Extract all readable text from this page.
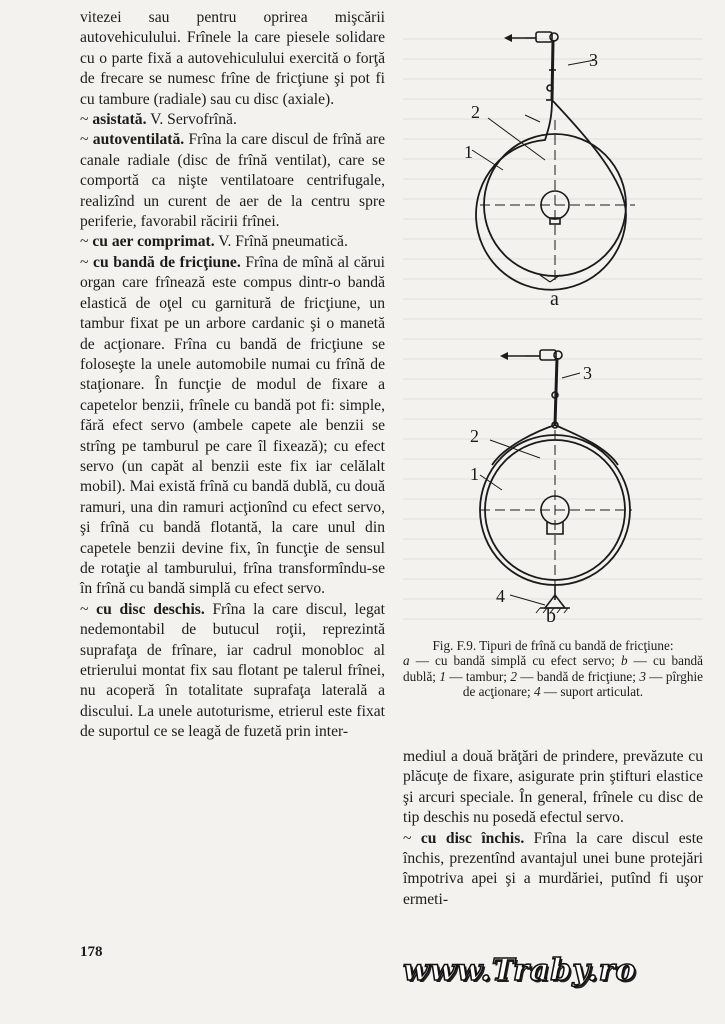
vitezei sau pentru oprirea mişcării autovehiculului. Frînele la care piesele solidare cu o parte fixă a autovehiculului exercită o forţă de frecare se numesc frîne de fricţiune şi pot fi cu tambure (radiale) sau cu disc (axiale).

~ asistată. V. Servofrînă.

~ autoventilată. Frîna la care discul de frînă are canale radiale (disc de frînă ventilat), care se comportă ca nişte ventilatoare centrifugale, realizînd un curent de aer de la centru spre periferie, favorabil răcirii frînei.

~ cu aer comprimat. V. Frînă pneumatică.

~ cu bandă de fricţiune. Frîna de mînă al cărui organ care frînează este compus dintr-o bandă elastică de oţel cu garnitură de fricţiune, un tambur fixat pe un arbore cardanic şi o manetă de acţionare. Frîna cu bandă de fricţiune se foloseşte la unele automobile numai cu frînă de staţionare. În funcţie de modul de fixare a capetelor benzii, frînele cu bandă pot fi: simple, fără efect servo (ambele capete ale benzii se strîng pe tamburul pe care îl fixează); cu efect servo (un capăt al benzii este fix iar celălalt mobil). Mai există frînă cu bandă dublă, cu două ramuri, una din ramuri acţionînd cu efect servo, şi frînă cu bandă flotantă, la care unul din capetele benzii devine fix, în funcţie de sensul de rotaţie al tamburului, frîna transformîndu-se în frînă cu bandă simplă cu efect servo.

~ cu disc deschis. Frîna la care discul, legat nedemontabil de butucul roţii, reprezintă suprafaţa de frînare, iar cadrul monobloc al etrierului montat fix sau flotant pe talerul frînei, nu acoperă în totalitate suprafaţa laterală a discului. La unele autoturisme, etrierul este fixat de suportul ce se leagă de fuzetă prin inter-

3
2
1
a
3
2
1
4
b
Fig. F.9. Tipuri de frînă cu bandă de fricţiune:
a — cu bandă simplă cu efect servo; b — cu bandă dublă; 1 — tambur; 2 — bandă de fricţiune; 3 — pîrghie de acţionare; 4 — suport articulat.

mediul a două brăţări de prindere, prevăzute cu plăcuţe de fixare, asigurate prin ştifturi elastice şi arcuri speciale. În general, frînele cu disc de tip deschis nu posedă efectul servo.

~ cu disc închis. Frîna la care discul este închis, prezentînd avantajul unei bune protejări împotriva apei şi a murdăriei, putînd fi uşor ermeti-

178
www.Traby.ro
